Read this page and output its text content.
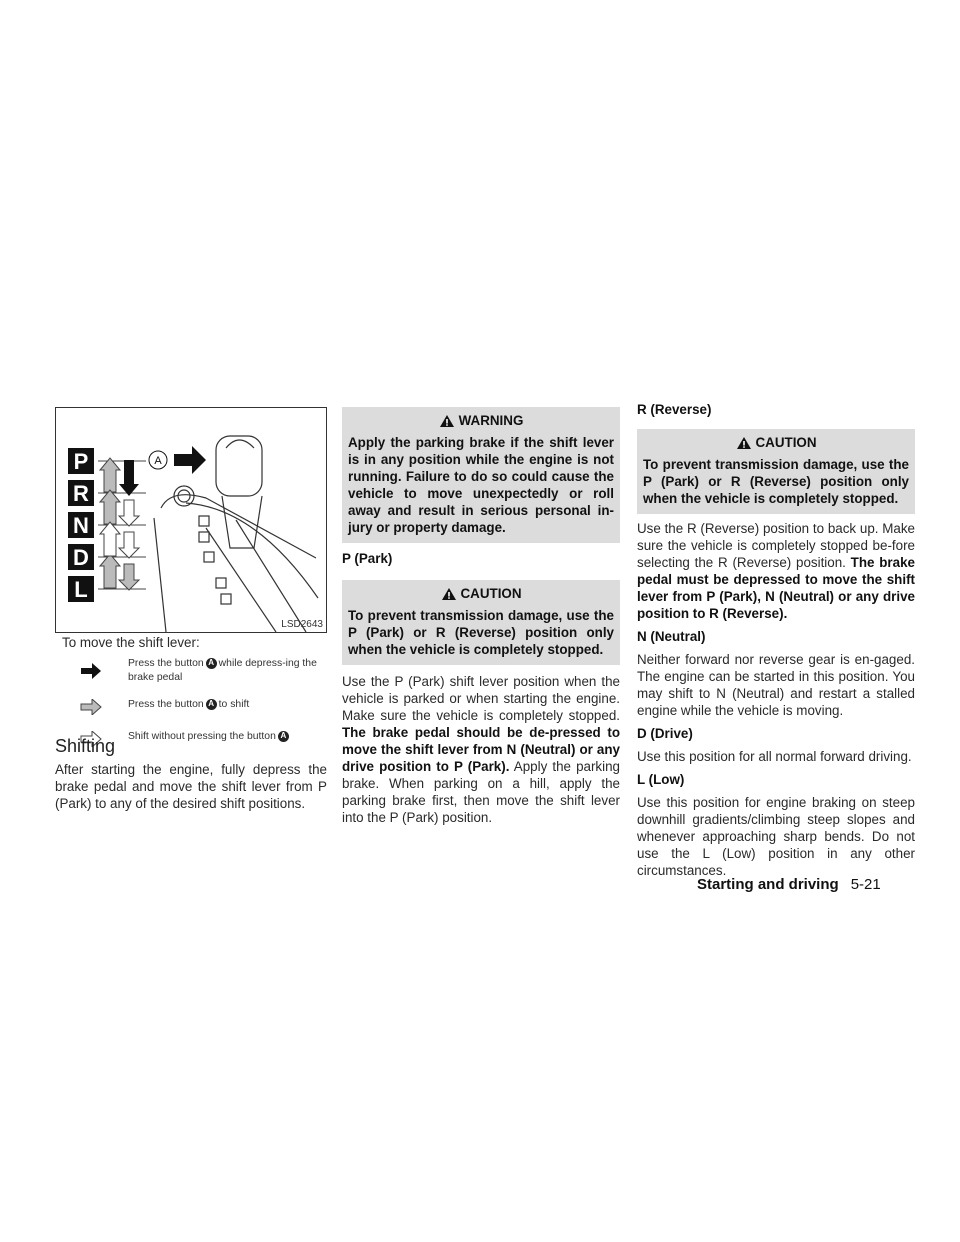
P
R
N
D
L
A
LSD2643

To move the shift lever:

Press the button A while depress-ing the brake pedal
Press the button A to shift
Shift without pressing the button A
Shifting

After starting the engine, fully depress the brake pedal and move the shift lever from P (Park) to any of the desired shift positions.

WARNING
Apply the parking brake if the shift lever is in any position while the engine is not running. Failure to do so could cause the vehicle to move unexpectedly or roll away and result in serious personal in-jury or property damage.

P (Park)

CAUTION
To prevent transmission damage, use the P (Park) or R (Reverse) position only when the vehicle is completely stopped.

Use the P (Park) shift lever position when the vehicle is parked or when starting the engine. Make sure the vehicle is completely stopped. The brake pedal should be de-pressed to move the shift lever from N (Neutral) or any drive position to P (Park). Apply the parking brake. When parking on a hill, apply the parking brake first, then move the shift lever into the P (Park) position.

R (Reverse)

CAUTION
To prevent transmission damage, use the P (Park) or R (Reverse) position only when the vehicle is completely stopped.

Use the R (Reverse) position to back up. Make sure the vehicle is completely stopped be-fore selecting the R (Reverse) position. The brake pedal must be depressed to move the shift lever from P (Park), N (Neutral) or any drive position to R (Reverse).

N (Neutral)

Neither forward nor reverse gear is en-gaged. The engine can be started in this position. You may shift to N (Neutral) and restart a stalled engine while the vehicle is moving.

D (Drive)

Use this position for all normal forward driving.

L (Low)

Use this position for engine braking on steep downhill gradients/climbing steep slopes and whenever approaching sharp bends. Do not use the L (Low) position in any other circumstances.

Starting and driving 5-21
